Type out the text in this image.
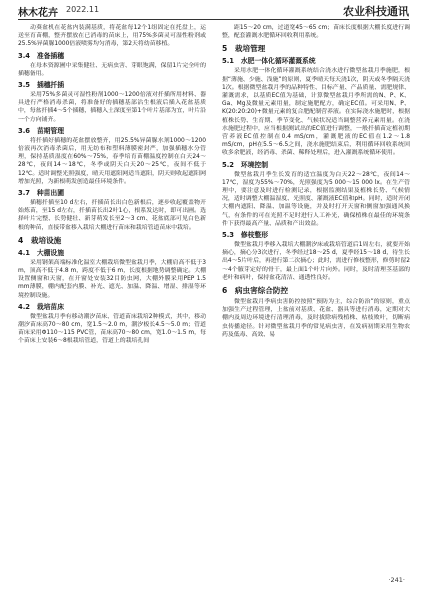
林木花卉 2022.11	农业科技通讯
动葵盆机在花盆内装满基质，将花盆每12个1组固定在托盘上，运送至育苗棚，整齐摆放在已消毒的苗床上，用75%多菌灵可湿性粉剂或25.5%异菌脲1000倍液喷雾均匀消毒，第2天将幼苗移植。
3.4　准备插穗
在母本资源圃中采集健壮、无病虫害、芽眼饱满，保留1片完全叶的插穗备用。
3.5　插穗扦插
采用75%多菌灵可湿性粉剂1000～1200倍液对扦插所用材料、器具进行严格消毒杀菌，将准备好的插穗基部沾生根液后插入花盆基质中，每盆扦插4～5个插穗，插穗入土深度至第1个叶片基部为宜，叶片沿一个方向铺齐。
3.6　苗期管理
将扦插好插穗的花盆摆放整齐，用25.5%异菌脲水剂1000～1200倍液再次消毒杀菌后，用无纺布和塑料薄膜密封严，加强插穗水分管理，保持基质湿度在60%～75%，春季培育苗棚温度控制在白天24～28℃，夜间14～18℃，冬季或阴天白天20～25℃，夜间不低于12℃。适时调整光照强度，晴天用遮阳网适当遮阳，阴天则收起遮阳网增加光照，为新根萌发创造最佳环境条件。
3.7　种苗出圃
插穗扦插至10 d左右，扦插苗长出白色新根后，逐步收起覆盖物开始炼苗，至15 d左右，扦插苗长出2叶1心，根系发达时，即可出圃。选择叶片完整、长势健壮、新芽萌发长至2～3 cm、花盆底部可见白色新根的种苗，直接带盆移入栽培大棚进行苗床和栽培管道苗床中栽培。
4　栽培设施
4.1　大棚设施
采用钢架高端标准化温室大棚栽培微型盆栽月季，大棚肩高不低于3 m，顶高不低于4.8 m，跨度不低于6 m，长度根据地势调整确定。大棚设置侧窗和天窗，在开窗处安装32目防虫网，大棚外膜采用PEP 1.5 mm薄膜，棚内配套内膜、补光、遮光、加温、降温、增湿、排湿等环境控制设施。
4.2　栽培苗床
微型盆栽月季有移动潮汐苗床、管道苗床栽培2种模式，其中，移动潮汐苗床高70～80 cm，宽1.5～2.0 m，潮汐板长4.5～5.0 m；管道苗床采用Φ110～115 PVC管，苗床高70～80 cm，宽1.0～1.5 m，每个苗床上安装6～8根栽培管道，管道上的栽培孔间
距15～20 cm，过道宽45～65 cm；苗床长度根据大棚长度进行调整，配套灌溉水肥循环回收利用系统。
5　栽培管理
5.1　水肥一体化循环灌溉系统
采用水肥一体化循环灌溉系统结合浇水进行微型盆栽月季施肥，根据“薄施、少施、浅施”的原则，夏季晴天每天浇1次，阴天或冬季隔天浇1次。根据微型盆栽月季的品种特性、目标产量、产品质量、需肥规律、灌溉需求，以基质EC值为基础，计算微型盆栽月季所需的N、P、K、Ga、Mg及微量元素用量，制定施肥配方，确定EC值。可采用N、P、K(20:20:20)+微量元素的复合肥配制营养液。在实际浇水施肥时，根据植株长势、生育期、季节变化、气候状况适当调整营养元素用量。在浇水施肥过程中，应当根据测试出的EC值进行调整，一般扦插苗定植初期营养液EC值控制在0.4 mS/cm，灌溉肥液的EC值在1.2～1.8 mS/cm，pH在5.5～6.5之间，浇水施肥结束后，利用循环回收系统回收多余肥液，经消毒、杀菌、稀释处理后，进入灌溉系统循环使用。
5.2　环境控制
微型盆栽月季生长发育的适宜温度为白天22～28℃，夜间14～17℃，湿度为55%～70%，光照强度为5 000～15 000 lx。在生产管理中，要注意及时进行检测记录，根据监测结果及植株长势、气候情况，适时调整大棚温湿度、光照度、灌溉液EC值和pH。同时，适时开闭大棚内遮阳、降温、加温等设施，并及时打开天窗和侧窗加强通风换气，有条件的可在光照不足时进行人工补光，确保植株在最佳的环境条件下获得最高产量、品质和产出效益。
5.3　修枝整形
微型盆栽月季移入栽培大棚潮汐床或栽培管道后1周左右，就要开始摘心，摘心分3次进行，冬季经过18～25 d，夏季经15～18 d，待生长出4～5片叶后，再进行第二次摘心；此时，需进行修枝整形，修剪时留2～4个腋芽定好的骨干，最上面1个叶片向外。同时，及时清理茎基部的老叶和病叶，保持盆花清洁、通透性良好。
6　病虫害综合防控
微型盆栽月季病虫害防控按照“预防为主，综合防治”的原则，重点加强生产过程管理，上盆前对基质、花盆、器具等进行消毒，定期对大棚内及周边环境进行清理消毒，及时拔除病残植株、枯枝败叶，切断病虫传播途径。针对微型盆栽月季的常见病虫害，在发病初期采用生物农药及低毒、高效、易
·241·
